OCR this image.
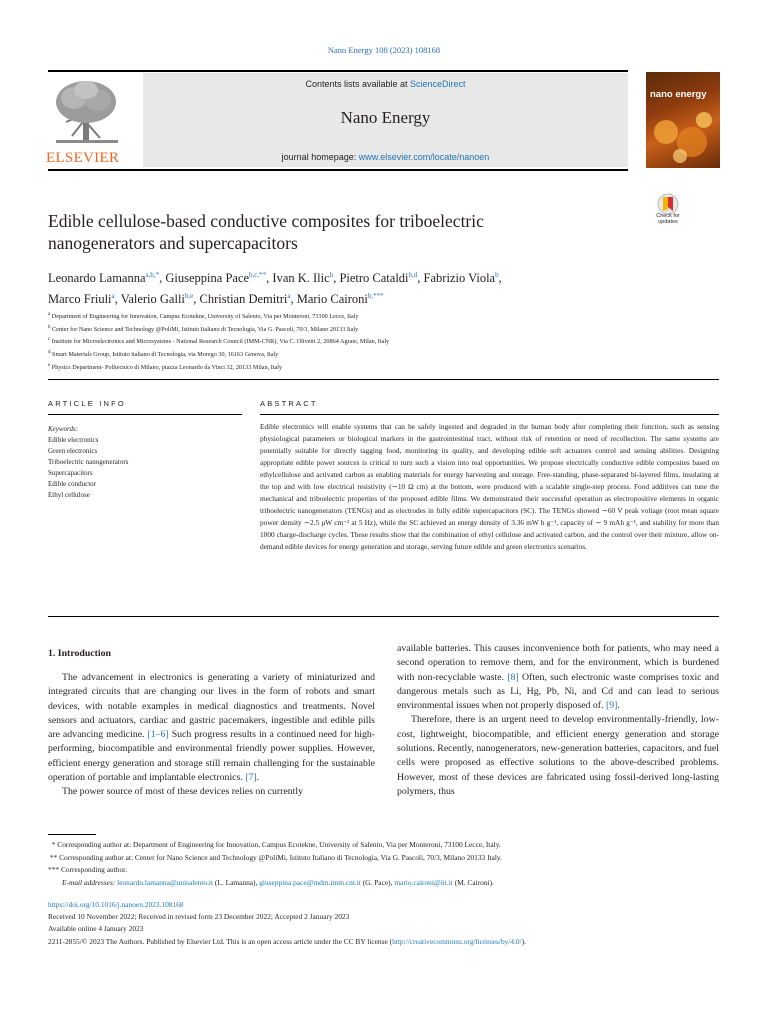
Nano Energy 108 (2023) 108168
ELSEVIER
Contents lists available at ScienceDirect
Nano Energy
journal homepage: www.elsevier.com/locate/nanoen
nano energy
Check for
updates
Edible cellulose-based conductive composites for triboelectric
nanogenerators and supercapacitors
Leonardo Lamanna$^{a,b,*}$, Giuseppina Pace$^{b,c,**}$, Ivan K. Ilic$^b$, Pietro Cataldi$^{b,d}$, Fabrizio Viola$^b$,
Marco Friuli$^a$, Valerio Galli$^{b,e}$, Christian Demitri$^a$, Mario Caironi$^{b,***}$
$^a$ Department of Engineering for Innovation, Campus Ecotekne, University of Salento, Via per Monteroni, 73100 Lecce, Italy
$^b$ Center for Nano Science and Technology @PoliMi, Istituto Italiano di Tecnologia, Via G. Pascoli, 70/3, Milano 20133 Italy
$^c$ Institute for Microelectronics and Microsystems - National Research Council (IMM-CNR), Via C. Olivetti 2, 20864 Agrate, Milan, Italy
$^d$ Smart Materials Group, Istituto italiano di Tecnologia, via Morego 30, 16163 Genova, Italy
$^e$ Physics Department- Politecnico di Milano, piazza Leonardo da Vinci 32, 20133 Milan, Italy
ARTICLE INFO	ABSTRACT
Keywords:
Edible electronics
Green electronics
Triboelectric nanogenerators
Supercapacitors
Edible conductor
Ethyl cellulose
Edible electronics will enable systems that can be safely ingested and degraded in the human body after completing their function, such as sensing physiological parameters or biological markers in the gastrointestinal tract, without risk of retention or need of recollection. The same systems are potentially suitable for directly tagging food, monitoring its quality, and developing edible soft actuators control and sensing abilities. Designing appropriate edible power sources is critical to turn such a vision into real opportunities. We propose electrically conductive edible composites based on ethylcellulose and activated carbon as enabling materials for energy harvesting and storage. Free-standing, phase-separated bi-layered films, insulating at the top and with low electrical resistivity (∼10 Ω cm) at the bottom, were produced with a scalable single-step process. Food additives can tune the mechanical and triboelectric properties of the proposed edible films. We demonstrated their successful operation as electropositive elements in organic triboelectric nanogenerators (TENGs) and as electrodes in fully edible supercapacitors (SC). The TENGs showed ∼60 V peak voltage (root mean square power density ∼2.5 μW cm⁻² at 5 Hz), while the SC achieved an energy density of 3.36 mW h g⁻¹, capacity of ∼ 9 mAh g⁻¹, and stability for more than 1000 charge-discharge cycles. These results show that the combination of ethyl cellulose and activated carbon, and the control over their mixture, allow on-demand edible devices for energy generation and storage, serving future edible and green electronics scenarios.
1. Introduction

The advancement in electronics is generating a variety of miniaturized and integrated circuits that are changing our lives in the form of robots and smart devices, with notable examples in medical diagnostics and treatments. Novel sensors and actuators, cardiac and gastric pacemakers, ingestible and edible pills are advancing medicine. [1–6] Such progress results in a continued need for high-performing, biocompatible and environmental friendly power supplies. However, efficient energy generation and storage still remain challenging for the sustainable operation of portable and implantable electronics. [7].

The power source of most of these devices relies on currently

available batteries. This causes inconvenience both for patients, who may need a second operation to remove them, and for the environment, which is burdened with non-recyclable waste. [8] Often, such electronic waste comprises toxic and dangerous metals such as Li, Hg, Pb, Ni, and Cd and can lead to serious environmental issues when not properly disposed of. [9].

Therefore, there is an urgent need to develop environmentally-friendly, low-cost, lightweight, biocompatible, and efficient energy generation and storage solutions. Recently, nanogenerators, new-generation batteries, capacitors, and fuel cells were proposed as effective solutions to the above-described problems. However, most of these devices are fabricated using fossil-derived long-lasting polymers, thus

* Corresponding author at: Department of Engineering for Innovation, Campus Ecotekne, University of Salento, Via per Monteroni, 73100 Lecce, Italy.
** Corresponding author at: Center for Nano Science and Technology @PoliMi, Istituto Italiano di Tecnologia, Via G. Pascoli, 70/3, Milano 20133 Italy.
*** Corresponding author.
E-mail addresses: leonardo.lamanna@unisalento.it (L. Lamanna), giuseppina.pace@mdm.imm.cnr.it (G. Pace), mario.caironi@iit.it (M. Caironi).
https://doi.org/10.1016/j.nanoen.2023.108168
Received 10 November 2022; Received in revised form 23 December 2022; Accepted 2 January 2023
Available online 4 January 2023
2211-2855/© 2023 The Authors. Published by Elsevier Ltd. This is an open access article under the CC BY license (http://creativecommons.org/licenses/by/4.0/).
